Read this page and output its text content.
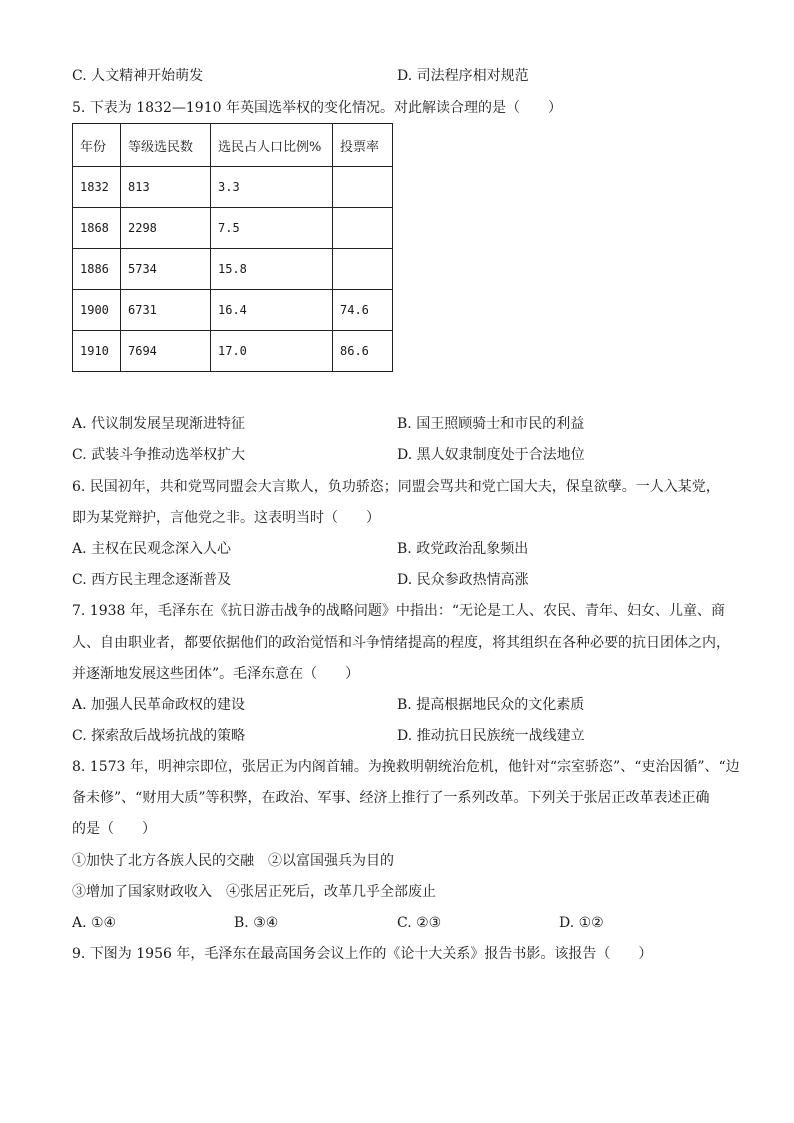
C. 人文精神开始萌发	D. 司法程序相对规范
5. 下表为 1832—1910 年英国选举权的变化情况。对此解读合理的是（　　）
年份	等级选民数	选民占人口比例%	投票率
1832	813	3.3	
1868	2298	7.5	
1886	5734	15.8	
1900	6731	16.4	74.6
1910	7694	17.0	86.6
A. 代议制发展呈现渐进特征	B. 国王照顾骑士和市民的利益
C. 武装斗争推动选举权扩大	D. 黑人奴隶制度处于合法地位
6. 民国初年，共和党骂同盟会大言欺人，负功骄恣；同盟会骂共和党亡国大夫，保皇欲孽。一人入某党，
即为某党辩护，言他党之非。这表明当时（　　）
A. 主权在民观念深入人心	B. 政党政治乱象频出
C. 西方民主理念逐渐普及	D. 民众参政热情高涨
7. 1938 年，毛泽东在《抗日游击战争的战略问题》中指出：“无论是工人、农民、青年、妇女、儿童、商
人、自由职业者，都要依据他们的政治觉悟和斗争情绪提高的程度，将其组织在各种必要的抗日团体之内，
并逐渐地发展这些团体”。毛泽东意在（　　）
A. 加强人民革命政权的建设	B. 提高根据地民众的文化素质
C. 探索敌后战场抗战的策略	D. 推动抗日民族统一战线建立
8. 1573 年，明神宗即位，张居正为内阁首辅。为挽救明朝统治危机，他针对“宗室骄恣”、“吏治因循”、“边
备未修”、“财用大质”等积弊，在政治、军事、经济上推行了一系列改革。下列关于张居正改革表述正确
的是（　　）
①加快了北方各族人民的交融　②以富国强兵为目的
③增加了国家财政收入　④张居正死后，改革几乎全部废止
A. ①④	B. ③④	C. ②③	D. ①②
9. 下图为 1956 年，毛泽东在最高国务会议上作的《论十大关系》报告书影。该报告（　　）
